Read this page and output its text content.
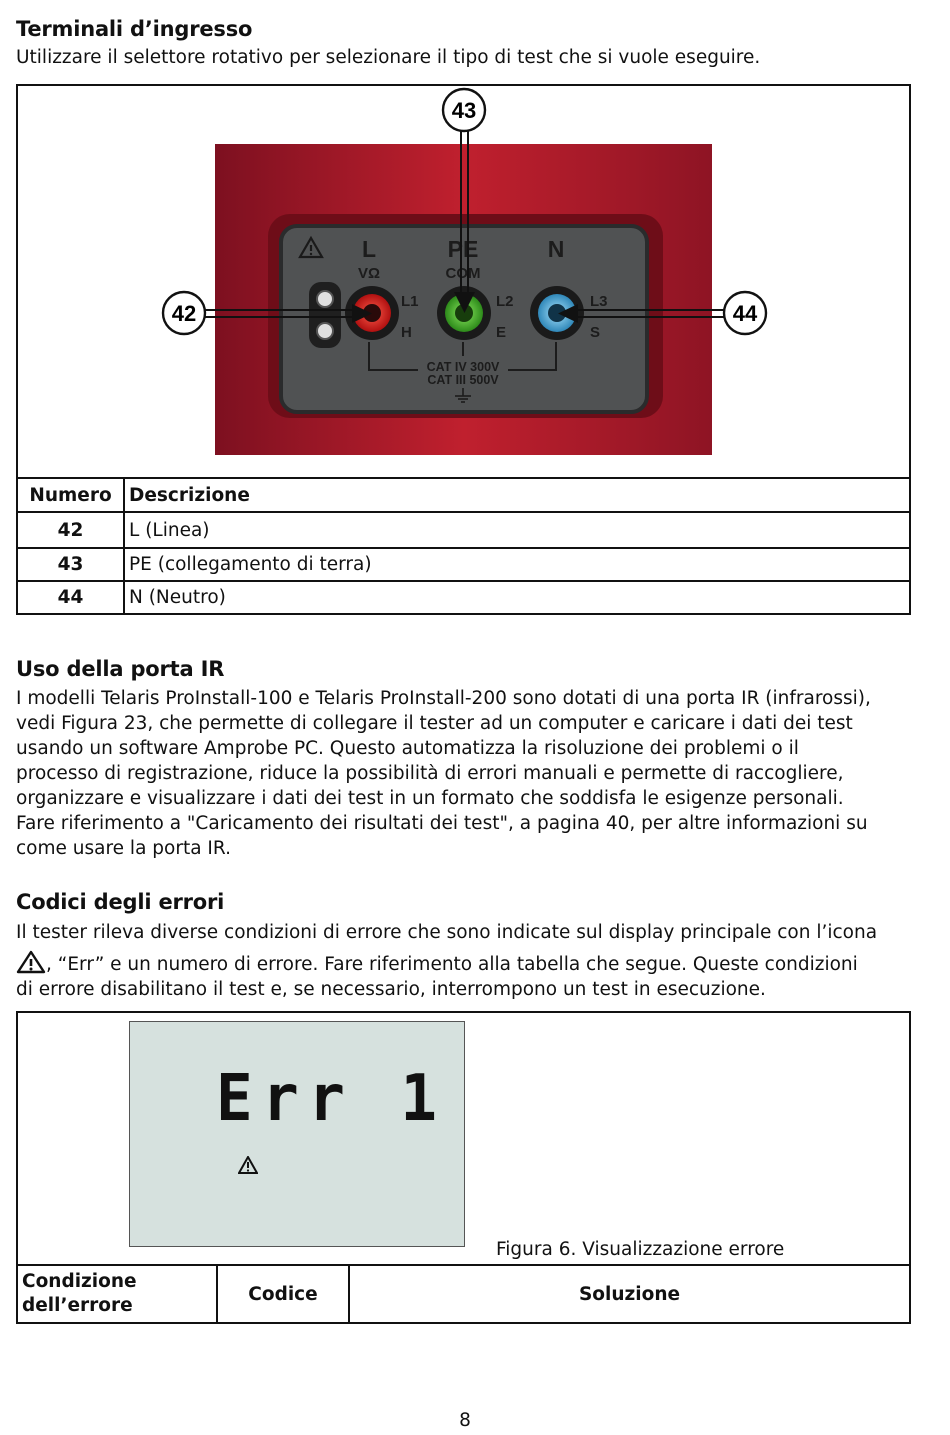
Terminali d’ingresso
Utilizzare il selettore rotativo per selezionare il tipo di test che si vuole eseguire.
L	PE	N
VΩ	COM
L1
H
L2
E
L3
S
CAT IV 300V
CAT III 500V
42
43
44
Numero	Descrizione
42	L (Linea)
43	PE (collegamento di terra)
44	N (Neutro)
Uso della porta IR
I modelli Telaris ProInstall-100 e Telaris ProInstall-200 sono dotati di una porta IR (infrarossi),
vedi Figura 23, che permette di collegare il tester ad un computer e caricare i dati dei test
usando un software Amprobe PC. Questo automatizza la risoluzione dei problemi o il
processo di registrazione, riduce la possibilità di errori manuali e permette di raccogliere,
organizzare e visualizzare i dati dei test in un formato che soddisfa le esigenze personali.
Fare riferimento a "Caricamento dei risultati dei test", a pagina 40, per altre informazioni su
come usare la porta IR.
Codici degli errori
Il tester rileva diverse condizioni di errore che sono indicate sul display principale con l’icona
, “Err” e un numero di errore. Fare riferimento alla tabella che segue. Queste condizioni
di errore disabilitano il test e, se necessario, interrompono un test in esecuzione.
Err 1
Figura 6. Visualizzazione errore
Condizione dell’errore	Codice	Soluzione
8
